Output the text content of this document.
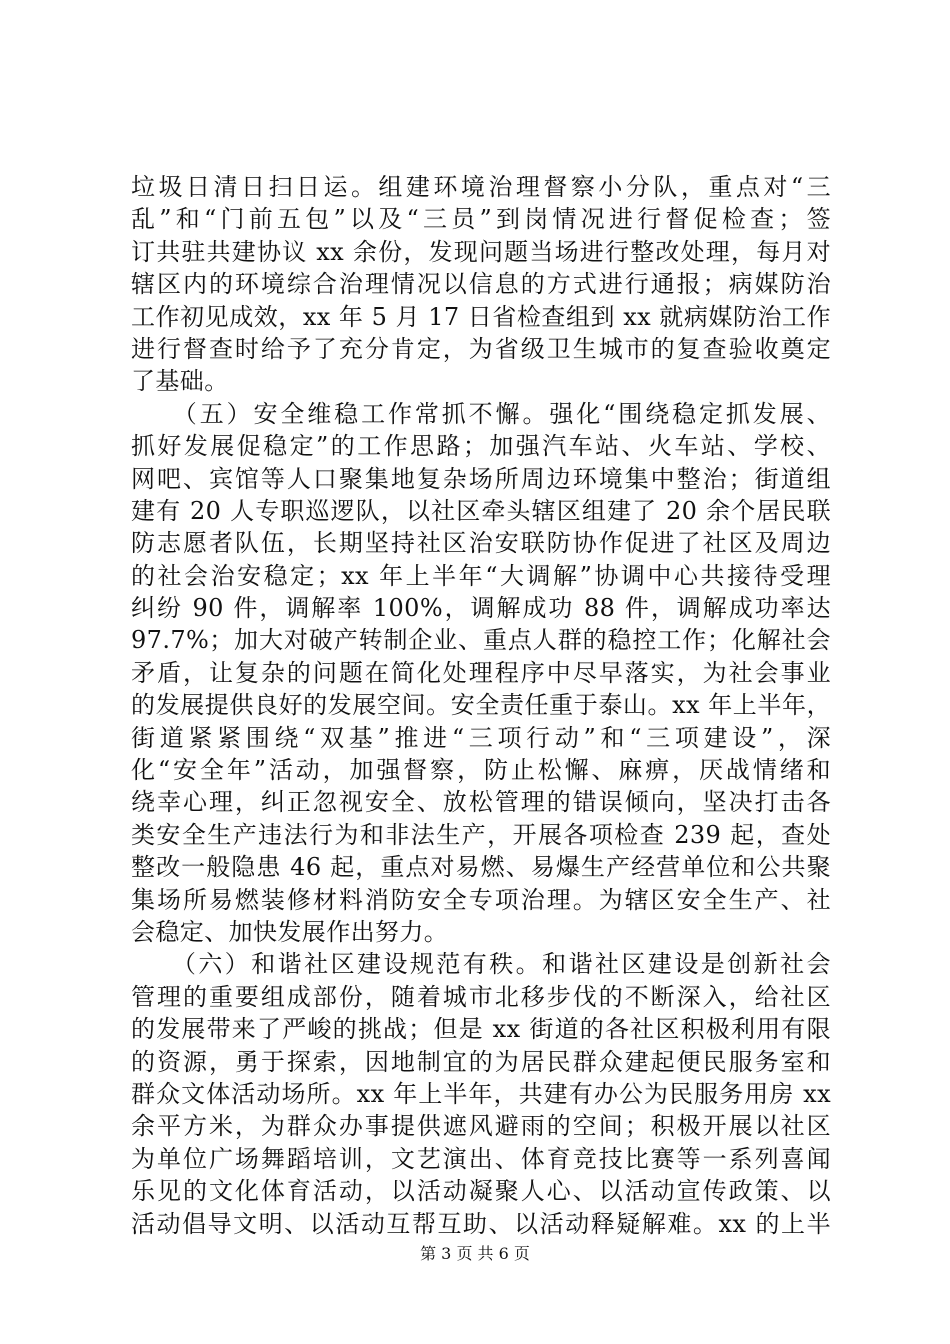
垃圾日清日扫日运。组建环境治理督察小分队，重点对“三
乱”和“门前五包”以及“三员”到岗情况进行督促检查；签
订共驻共建协议 xx 余份，发现问题当场进行整改处理，每月对
辖区内的环境综合治理情况以信息的方式进行通报；病媒防治
工作初见成效，xx 年 5 月 17 日省检查组到 xx 就病媒防治工作
进行督查时给予了充分肯定，为省级卫生城市的复查验收奠定
了基础。
　　（五）安全维稳工作常抓不懈。强化“围绕稳定抓发展、
抓好发展促稳定”的工作思路；加强汽车站、火车站、学校、
网吧、宾馆等人口聚集地复杂场所周边环境集中整治；街道组
建有 20 人专职巡逻队，以社区牵头辖区组建了 20 余个居民联
防志愿者队伍，长期坚持社区治安联防协作促进了社区及周边
的社会治安稳定；xx 年上半年“大调解”协调中心共接待受理
纠纷 90 件，调解率 100%，调解成功 88 件，调解成功率达
97.7%；加大对破产转制企业、重点人群的稳控工作；化解社会
矛盾，让复杂的问题在简化处理程序中尽早落实，为社会事业
的发展提供良好的发展空间。安全责任重于泰山。xx 年上半年，
街道紧紧围绕“双基”推进“三项行动”和“三项建设”，深
化“安全年”活动，加强督察，防止松懈、麻痹，厌战情绪和
绕幸心理，纠正忽视安全、放松管理的错误倾向，坚决打击各
类安全生产违法行为和非法生产，开展各项检查 239 起，查处
整改一般隐患 46 起，重点对易燃、易爆生产经营单位和公共聚
集场所易燃装修材料消防安全专项治理。为辖区安全生产、社
会稳定、加快发展作出努力。
　　（六）和谐社区建设规范有秩。和谐社区建设是创新社会
管理的重要组成部份，随着城市北移步伐的不断深入，给社区
的发展带来了严峻的挑战；但是 xx 街道的各社区积极利用有限
的资源，勇于探索，因地制宜的为居民群众建起便民服务室和
群众文体活动场所。xx 年上半年，共建有办公为民服务用房 xx
余平方米，为群众办事提供遮风避雨的空间；积极开展以社区
为单位广场舞蹈培训，文艺演出、体育竞技比赛等一系列喜闻
乐见的文化体育活动，以活动凝聚人心、以活动宣传政策、以
活动倡导文明、以活动互帮互助、以活动释疑解难。xx 的上半
第 3 页 共 6 页
